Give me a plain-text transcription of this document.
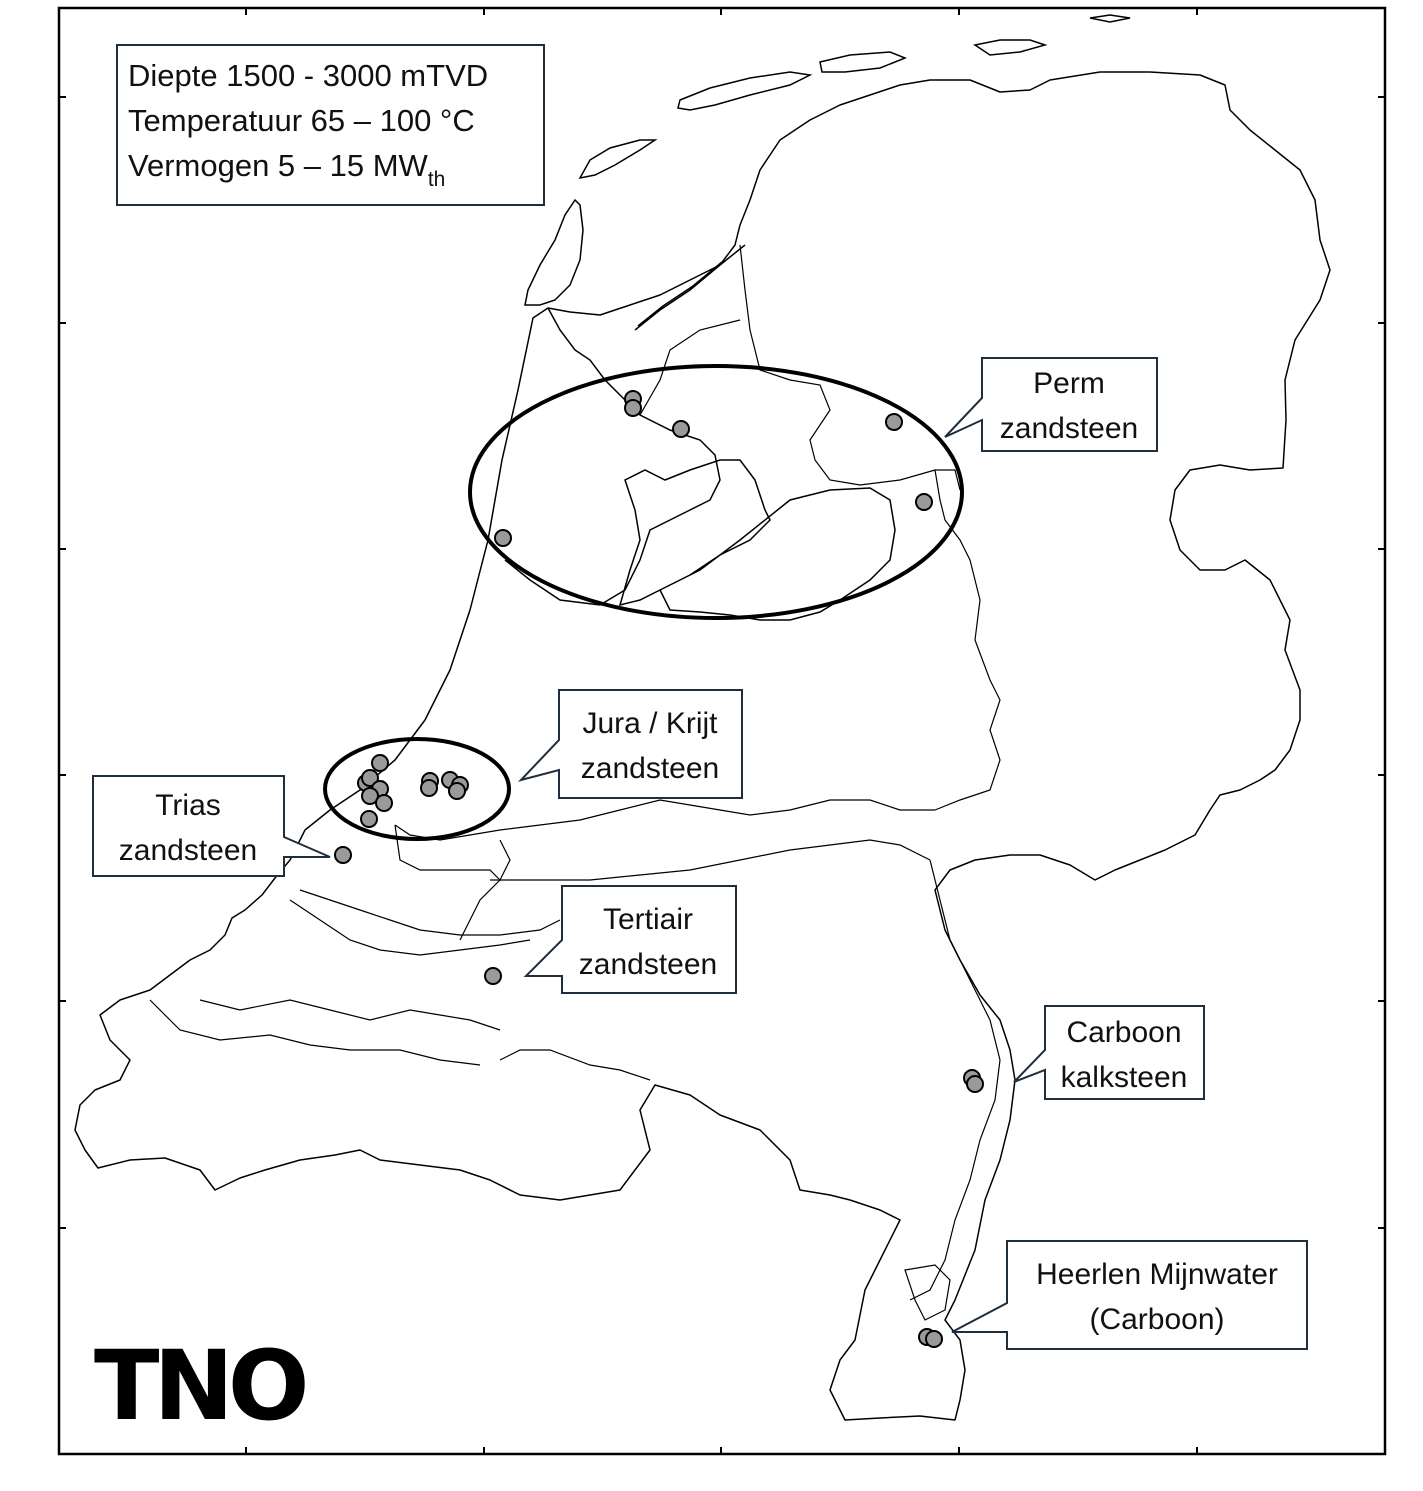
Diepte 1500 - 3000 mTVD
Temperatuur 65 – 100 °C
Vermogen 5 – 15 $MW_{th}$
Perm
zandsteen
Jura / Krijt
zandsteen
Trias
zandsteen
Tertiair
zandsteen
Carboon
kalksteen
Heerlen Mijnwater
(Carboon)
TNO
